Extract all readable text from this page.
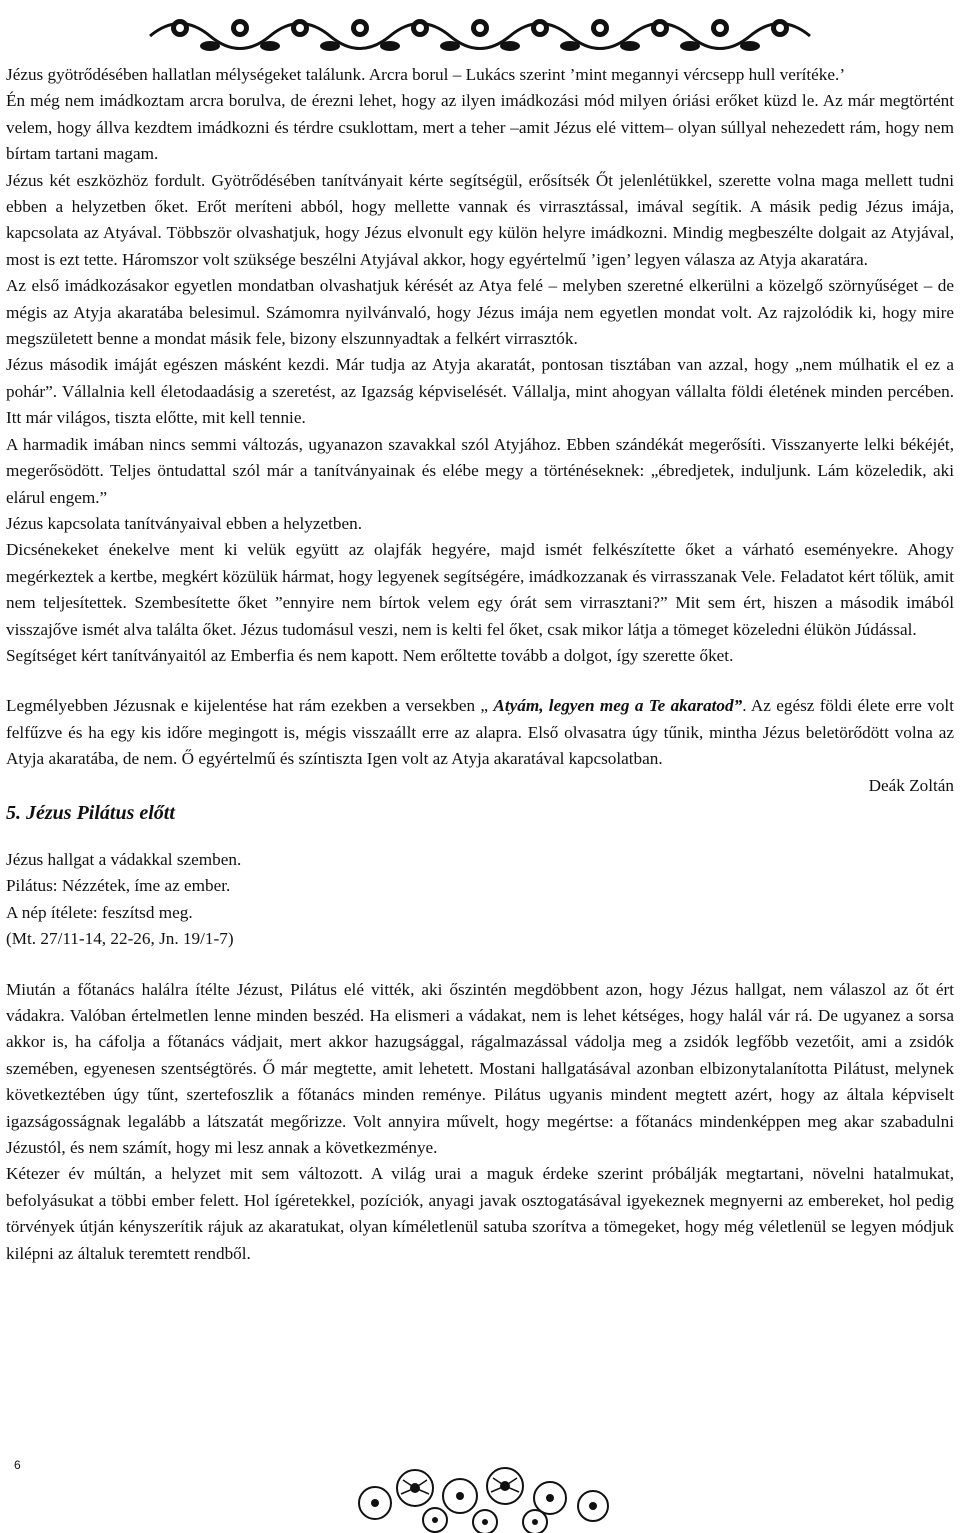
Jézus gyötrődésében hallatlan mélységeket találunk. Arcra borul – Lukács szerint ’mint megannyi vércsepp hull verítéke.’

Én még nem imádkoztam arcra borulva, de érezni lehet, hogy az ilyen imádkozási mód milyen óriási erőket küzd le. Az már megtörtént velem, hogy állva kezdtem imádkozni és térdre csuklottam, mert a teher –amit Jézus elé vittem– olyan súllyal nehezedett rám, hogy nem bírtam tartani magam.

Jézus két eszközhöz fordult. Gyötrődésében tanítványait kérte segítségül, erősítsék Őt jelenlétükkel, szerette volna maga mellett tudni ebben a helyzetben őket. Erőt meríteni abból, hogy mellette vannak és virrasztással, imával segítik. A másik pedig Jézus imája, kapcsolata az Atyával. Többször olvashatjuk, hogy Jézus elvonult egy külön helyre imádkozni. Mindig megbeszélte dolgait az Atyjával, most is ezt tette. Háromszor volt szüksége beszélni Atyjával akkor, hogy egyértelmű ’igen’ legyen válasza az Atyja akaratára.

Az első imádkozásakor egyetlen mondatban olvashatjuk kérését az Atya felé – melyben szeretné elkerülni a közelgő szörnyűséget – de mégis az Atyja akaratába belesimul. Számomra nyilvánvaló, hogy Jézus imája nem egyetlen mondat volt. Az rajzolódik ki, hogy mire megszületett benne a mondat másik fele, bizony elszunnyadtak a felkért virrasztók.

Jézus második imáját egészen másként kezdi. Már tudja az Atyja akaratát, pontosan tisztában van azzal, hogy „nem múlhatik el ez a pohár”. Vállalnia kell életodaadásig a szeretést, az Igazság képviselését. Vállalja, mint ahogyan vállalta földi életének minden percében. Itt már világos, tiszta előtte, mit kell tennie.

A harmadik imában nincs semmi változás, ugyanazon szavakkal szól Atyjához. Ebben szándékát megerősíti. Visszanyerte lelki békéjét, megerősödött. Teljes öntudattal szól már a tanítványainak és elébe megy a történéseknek: „ébredjetek, induljunk. Lám közeledik, aki elárul engem.”

Jézus kapcsolata tanítványaival ebben a helyzetben.

Dicsénekeket énekelve ment ki velük együtt az olajfák hegyére, majd ismét felkészítette őket a várható eseményekre. Ahogy megérkeztek a kertbe, megkért közülük hármat, hogy legyenek segítségére, imádkozzanak és virrasszanak Vele. Feladatot kért tőlük, amit nem teljesítettek. Szembesítette őket ”ennyire nem bírtok velem egy órát sem virrasztani?” Mit sem ért, hiszen a második imából visszajőve ismét alva találta őket. Jézus tudomásul veszi, nem is kelti fel őket, csak mikor látja a tömeget közeledni élükön Júdással.

Segítséget kért tanítványaitól az Emberfia és nem kapott. Nem erőltette tovább a dolgot, így szerette őket.

Legmélyebben Jézusnak e kijelentése hat rám ezekben a versekben „ Atyám, legyen meg a Te akaratod”. Az egész földi élete erre volt felfűzve és ha egy kis időre megingott is, mégis visszaállt erre az alapra. Első olvasatra úgy tűnik, mintha Jézus beletörődött volna az Atyja akaratába, de nem. Ő egyértelmű és színtiszta Igen volt az Atyja akaratával kapcsolatban.

Deák Zoltán

5. Jézus Pilátus előtt

Jézus hallgat a vádakkal szemben.

Pilátus: Nézzétek, íme az ember.

A nép ítélete: feszítsd meg.

(Mt. 27/11-14, 22-26, Jn. 19/1-7)

Miután a főtanács halálra ítélte Jézust, Pilátus elé vitték, aki őszintén megdöbbent azon, hogy Jézus hallgat, nem válaszol az őt ért vádakra. Valóban értelmetlen lenne minden beszéd. Ha elismeri a vádakat, nem is lehet kétséges, hogy halál vár rá. De ugyanez a sorsa akkor is, ha cáfolja a főtanács vádjait, mert akkor hazugsággal, rágalmazással vádolja meg a zsidók legfőbb vezetőit, ami a zsidók szemében, egyenesen szentségtörés. Ő már megtette, amit lehetett. Mostani hallgatásával azonban elbizonytalanította Pilátust, melynek következtében úgy tűnt, szertefoszlik a főtanács minden reménye. Pilátus ugyanis mindent megtett azért, hogy az általa képviselt igazságosságnak legalább a látszatát megőrizze. Volt annyira művelt, hogy megértse: a főtanács mindenképpen meg akar szabadulni Jézustól, és nem számít, hogy mi lesz annak a következménye.

Kétezer év múltán, a helyzet mit sem változott. A világ urai a maguk érdeke szerint próbálják megtartani, növelni hatalmukat, befolyásukat a többi ember felett. Hol ígéretekkel, pozíciók, anyagi javak osztogatásával igyekeznek megnyerni az embereket, hol pedig törvények útján kényszerítik rájuk az akaratukat, olyan kíméletlenül satuba szorítva a tömegeket, hogy még véletlenül se legyen módjuk kilépni az általuk teremtett rendből.

6
